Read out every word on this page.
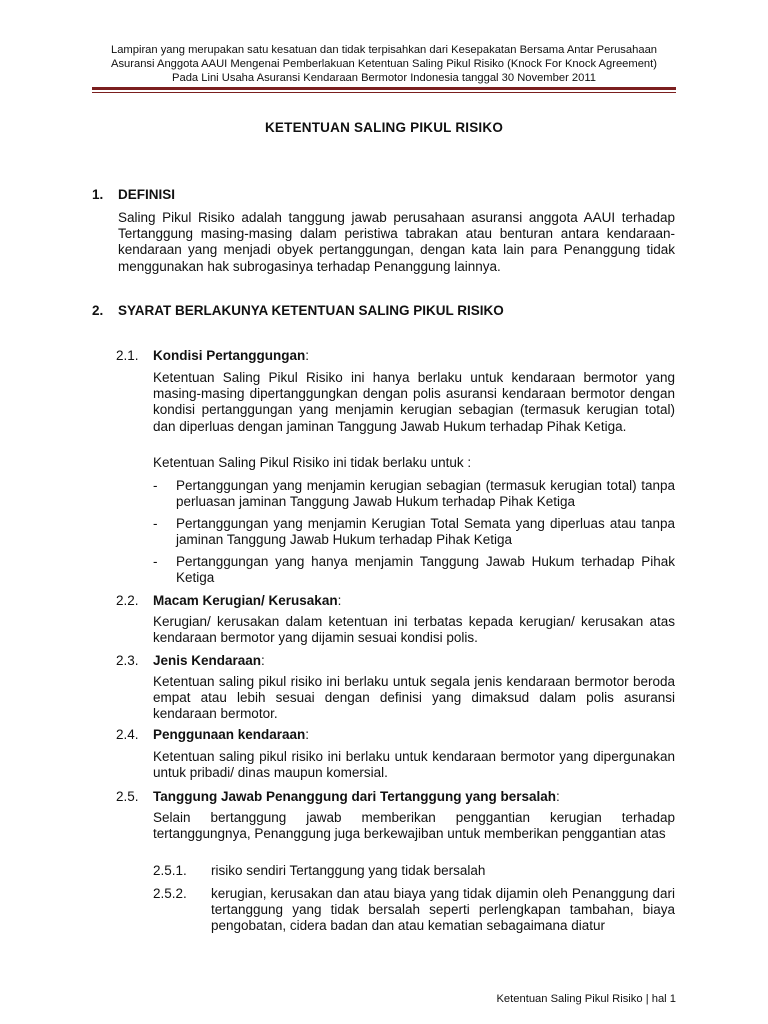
Lampiran yang merupakan satu kesatuan dan tidak terpisahkan dari Kesepakatan Bersama Antar Perusahaan
Asuransi Anggota AAUI Mengenai Pemberlakuan Ketentuan Saling Pikul Risiko (Knock For Knock Agreement)
Pada Lini Usaha Asuransi Kendaraan Bermotor Indonesia tanggal 30 November 2011
KETENTUAN SALING PIKUL RISIKO
1. DEFINISI
Saling Pikul Risiko adalah tanggung jawab perusahaan asuransi anggota AAUI terhadap Tertanggung masing-masing dalam peristiwa tabrakan atau benturan antara kendaraan-kendaraan yang menjadi obyek pertanggungan, dengan kata lain para Penanggung tidak menggunakan hak subrogasinya terhadap Penanggung lainnya.
2. SYARAT BERLAKUNYA KETENTUAN SALING PIKUL RISIKO
2.1. Kondisi Pertanggungan:
Ketentuan Saling Pikul Risiko ini hanya berlaku untuk kendaraan bermotor yang masing-masing dipertanggungkan dengan polis asuransi kendaraan bermotor dengan kondisi pertanggungan yang menjamin kerugian sebagian (termasuk kerugian total) dan diperluas dengan jaminan Tanggung Jawab Hukum terhadap Pihak Ketiga.
Ketentuan Saling Pikul Risiko ini tidak berlaku untuk :
- Pertanggungan yang menjamin kerugian sebagian (termasuk kerugian total) tanpa perluasan jaminan Tanggung Jawab Hukum terhadap Pihak Ketiga
- Pertanggungan yang menjamin Kerugian Total Semata yang diperluas atau tanpa jaminan Tanggung Jawab Hukum terhadap Pihak Ketiga
- Pertanggungan yang hanya menjamin Tanggung Jawab Hukum terhadap Pihak Ketiga
2.2. Macam Kerugian/ Kerusakan:
Kerugian/ kerusakan dalam ketentuan ini terbatas kepada kerugian/ kerusakan atas kendaraan bermotor yang dijamin sesuai kondisi polis.
2.3. Jenis Kendaraan:
Ketentuan saling pikul risiko ini berlaku untuk segala jenis kendaraan bermotor beroda empat atau lebih sesuai dengan definisi yang dimaksud dalam polis asuransi kendaraan bermotor.
2.4. Penggunaan kendaraan:
Ketentuan saling pikul risiko ini berlaku untuk kendaraan bermotor yang dipergunakan untuk pribadi/ dinas maupun komersial.
2.5. Tanggung Jawab Penanggung dari Tertanggung yang bersalah:
Selain bertanggung jawab memberikan penggantian kerugian terhadap tertanggungnya, Penanggung juga berkewajiban untuk memberikan penggantian atas
2.5.1. risiko sendiri Tertanggung yang tidak bersalah
2.5.2. kerugian, kerusakan dan atau biaya yang tidak dijamin oleh Penanggung dari tertanggung yang tidak bersalah seperti perlengkapan tambahan, biaya pengobatan, cidera badan dan atau kematian sebagaimana diatur
Ketentuan Saling Pikul Risiko | hal 1
